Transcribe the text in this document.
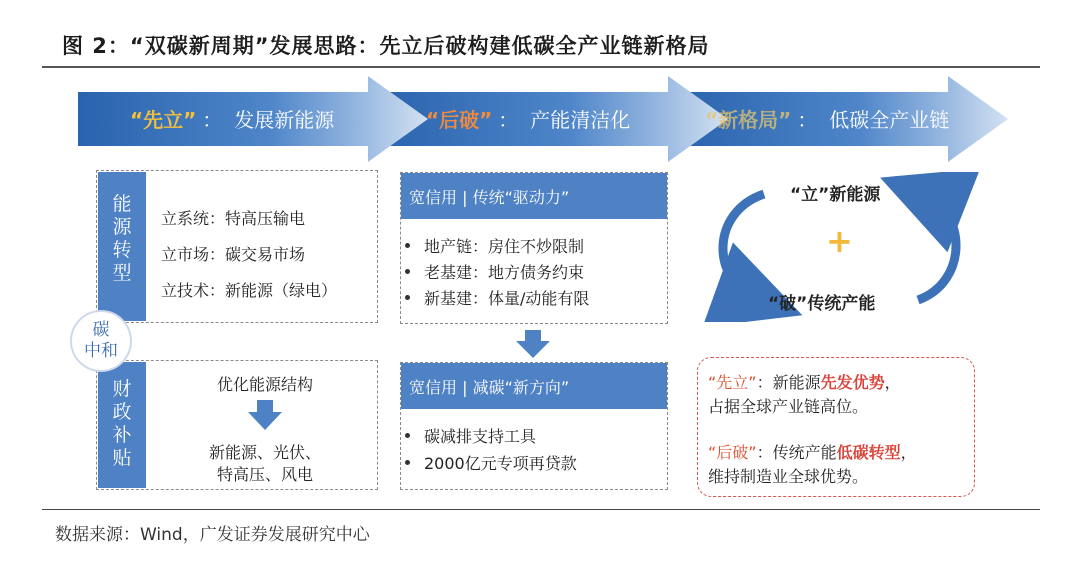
图 2：“双碳新周期”发展思路：先立后破构建低碳全产业链新格局
“先立” ： 发展新能源	“后破” ： 产能清洁化	“新格局” ： 低碳全产业链
能
源
转
型
立系统：特高压输电
立市场：碳交易市场
立技术：新能源（绿电）
财
政
补
贴
优化能源结构
新能源、光伏、
特高压、风电
碳
中和
宽信用 | 传统“驱动力”
地产链：房住不炒限制
老基建：地方债务约束
新基建：体量/动能有限
宽信用 | 减碳“新方向”
碳减排支持工具
2000亿元专项再贷款
“立”新能源
+
“破”传统产能
“先立”：新能源先发优势，
占据全球产业链高位。
“后破”：传统产能低碳转型，
维持制造业全球优势。
数据来源：Wind，广发证券发展研究中心
